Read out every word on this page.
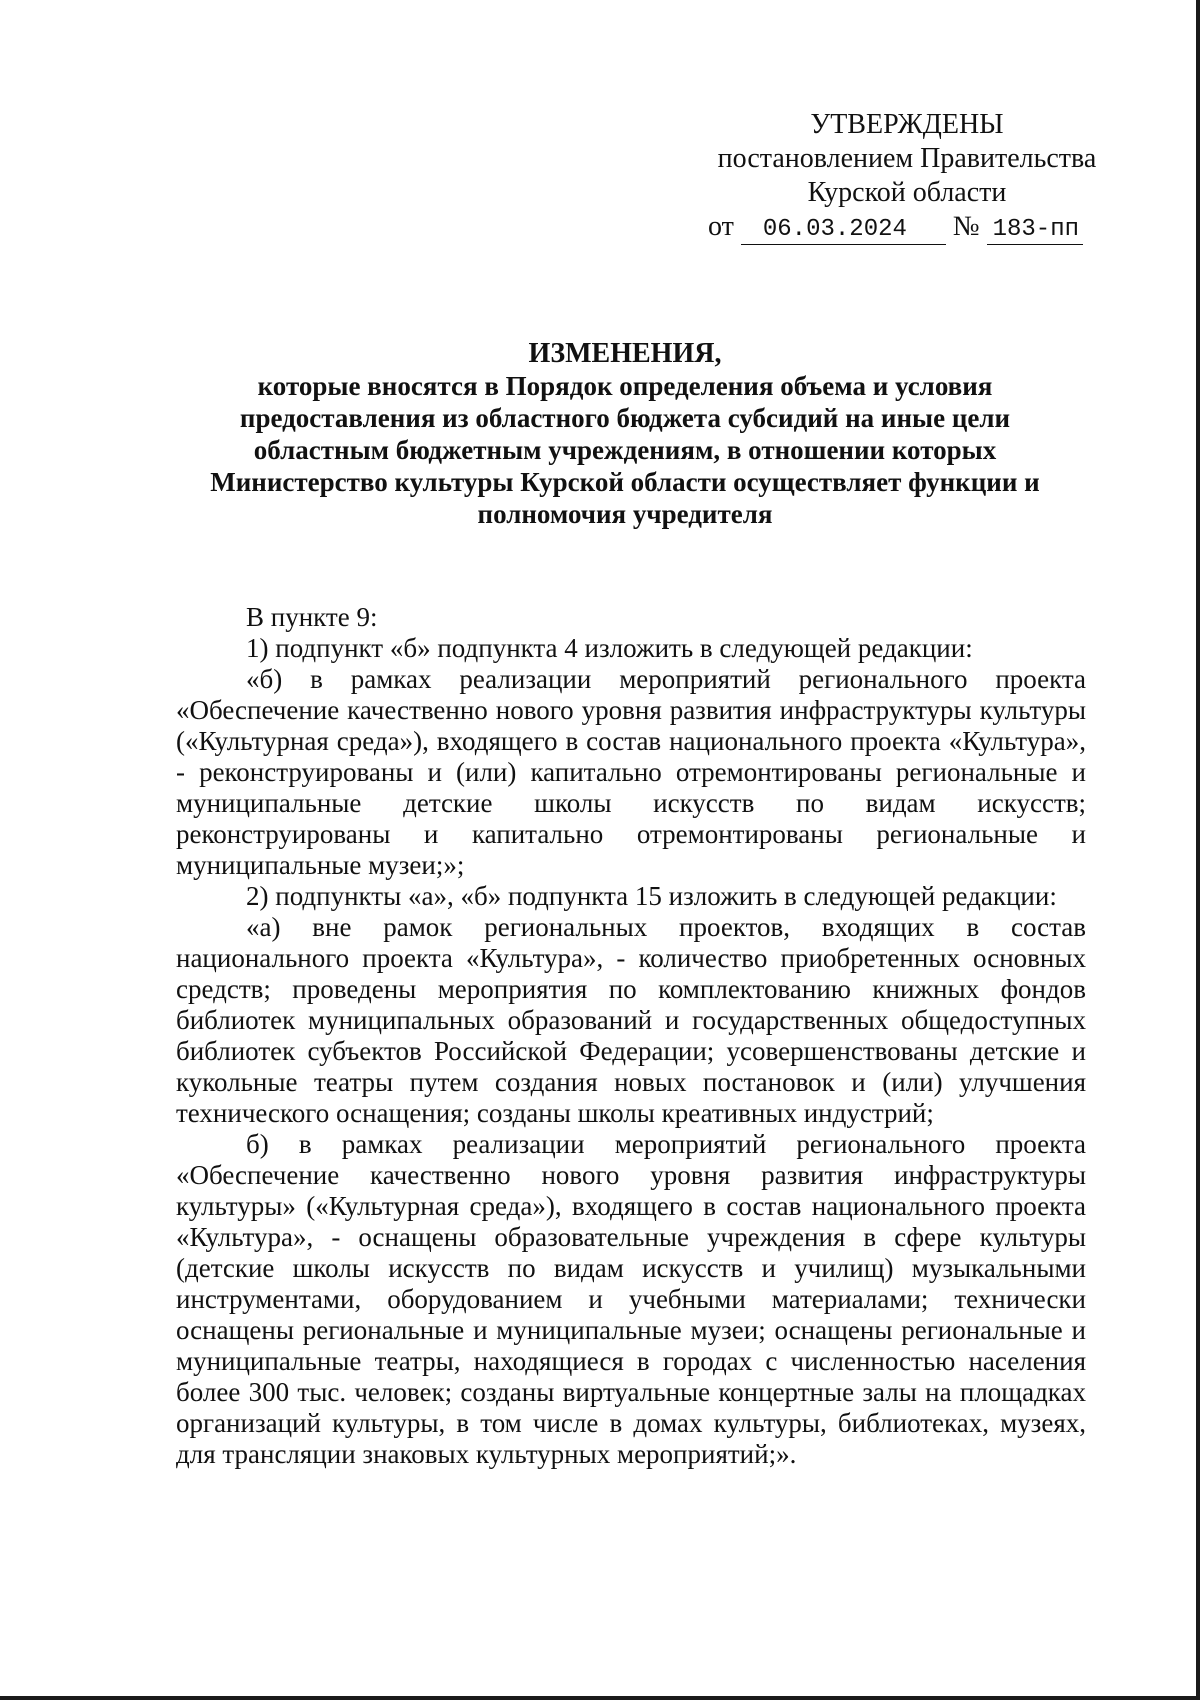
УТВЕРЖДЕНЫ
постановлением Правительства
Курской области
от 06.03.2024 № 183-пп
ИЗМЕНЕНИЯ,
которые вносятся в Порядок определения объема и условия
предоставления из областного бюджета субсидий на иные цели
областным бюджетным учреждениям, в отношении которых
Министерство культуры Курской области осуществляет функции и
полномочия учредителя

В пункте 9:

1) подпункт «б» подпункта 4 изложить в следующей редакции:

«б) в рамках реализации мероприятий регионального проекта «Обеспечение качественно нового уровня развития инфраструктуры культуры («Культурная среда»), входящего в состав национального проекта «Культура», - реконструированы и (или) капитально отремонтированы региональные и муниципальные детские школы искусств по видам искусств; реконструированы и капитально отремонтированы региональные и муниципальные музеи;»;

2) подпункты «а», «б» подпункта 15 изложить в следующей редакции:

«а) вне рамок региональных проектов, входящих в состав национального проекта «Культура», - количество приобретенных основных средств; проведены мероприятия по комплектованию книжных фондов библиотек муниципальных образований и государственных общедоступных библиотек субъектов Российской Федерации; усовершенствованы детские и кукольные театры путем создания новых постановок и (или) улучшения технического оснащения; созданы школы креативных индустрий;

б) в рамках реализации мероприятий регионального проекта «Обеспечение качественно нового уровня развития инфраструктуры культуры» («Культурная среда»), входящего в состав национального проекта «Культура», - оснащены образовательные учреждения в сфере культуры (детские школы искусств по видам искусств и училищ) музыкальными инструментами, оборудованием и учебными материалами; технически оснащены региональные и муниципальные музеи; оснащены региональные и муниципальные театры, находящиеся в городах с численностью населения более 300 тыс. человек; созданы виртуальные концертные залы на площадках организаций культуры, в том числе в домах культуры, библиотеках, музеях, для трансляции знаковых культурных мероприятий;».
